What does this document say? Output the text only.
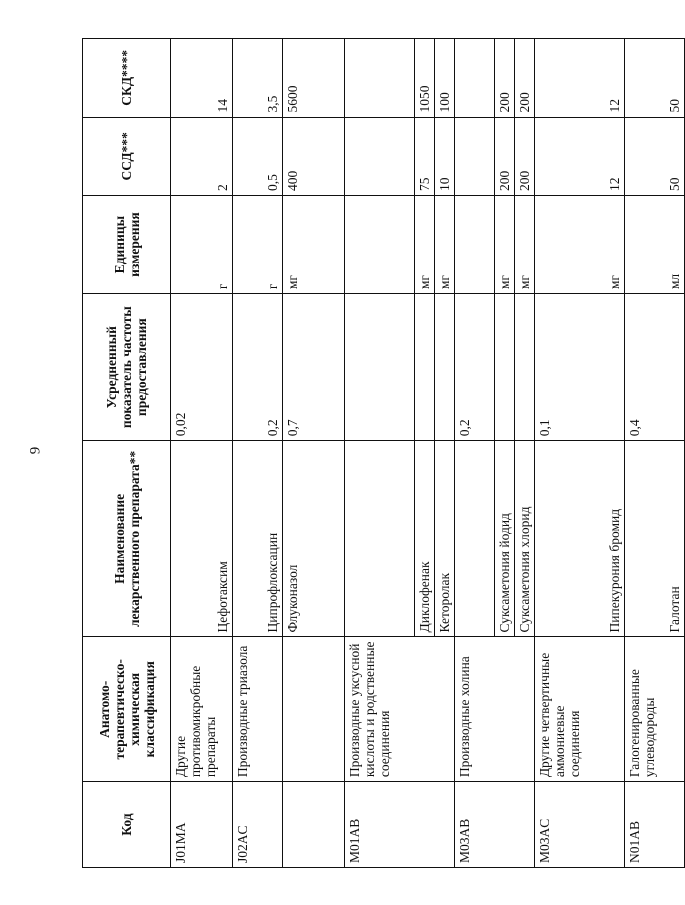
9
Код	Анатомо-терапевтическо-химическая классификация	Наименование лекарственного препарата**	Усредненный показатель частоты предоставления	Единицы измерения	ССД***	СКД****
J01MA	Другие противомикробные препараты	Цефотаксим	0,02	г	2	14
J02AC	Производные триазола	Ципрофлоксацин	0,2	г	0,5	3,5
		Флуконазол	0,7	мг	400	5600
M01AB	Производные уксусной кислоты и родственные соединения					
		Диклофенак		мг	75	1050
		Кеторолак		мг	10	100
M03AB	Производные холина		0,2			
		Суксаметония йодид		мг	200	200
		Суксаметония хлорид		мг	200	200
M03AC	Другие четвертичные аммониевые соединения	Пипекурония бромид	0,1	мг	12	12
N01AB	Галогенированные углеводороды	Галотан	0,4	мл	50	50
